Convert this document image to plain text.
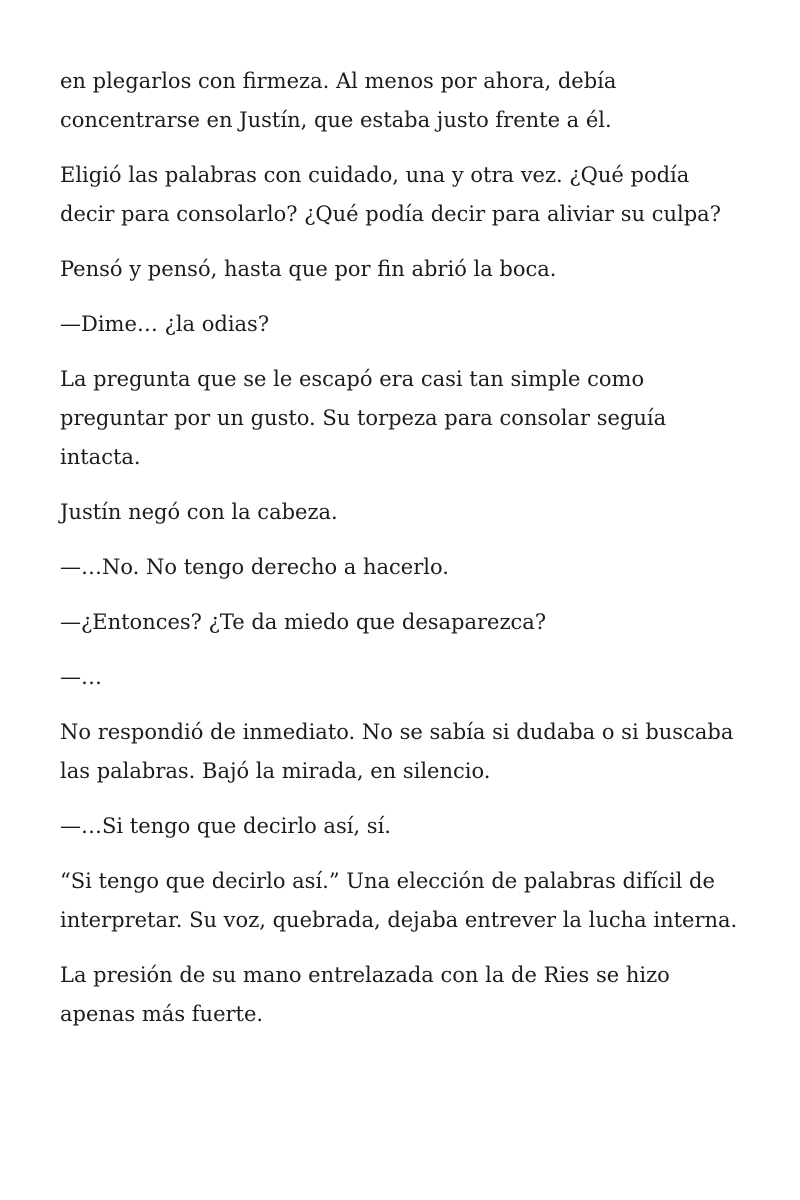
en plegarlos con firmeza. Al menos por ahora, debía concentrarse en Justín, que estaba justo frente a él.

Eligió las palabras con cuidado, una y otra vez. ¿Qué podía decir para consolarlo? ¿Qué podía decir para aliviar su culpa?

Pensó y pensó, hasta que por fin abrió la boca.

—Dime… ¿la odias?

La pregunta que se le escapó era casi tan simple como preguntar por un gusto. Su torpeza para consolar seguía intacta.

Justín negó con la cabeza.

—…No. No tengo derecho a hacerlo.

—¿Entonces? ¿Te da miedo que desaparezca?

—…

No respondió de inmediato. No se sabía si dudaba o si buscaba las palabras. Bajó la mirada, en silencio.

—…Si tengo que decirlo así, sí.

“Si tengo que decirlo así.” Una elección de palabras difícil de interpretar. Su voz, quebrada, dejaba entrever la lucha interna.

La presión de su mano entrelazada con la de Ries se hizo apenas más fuerte.
